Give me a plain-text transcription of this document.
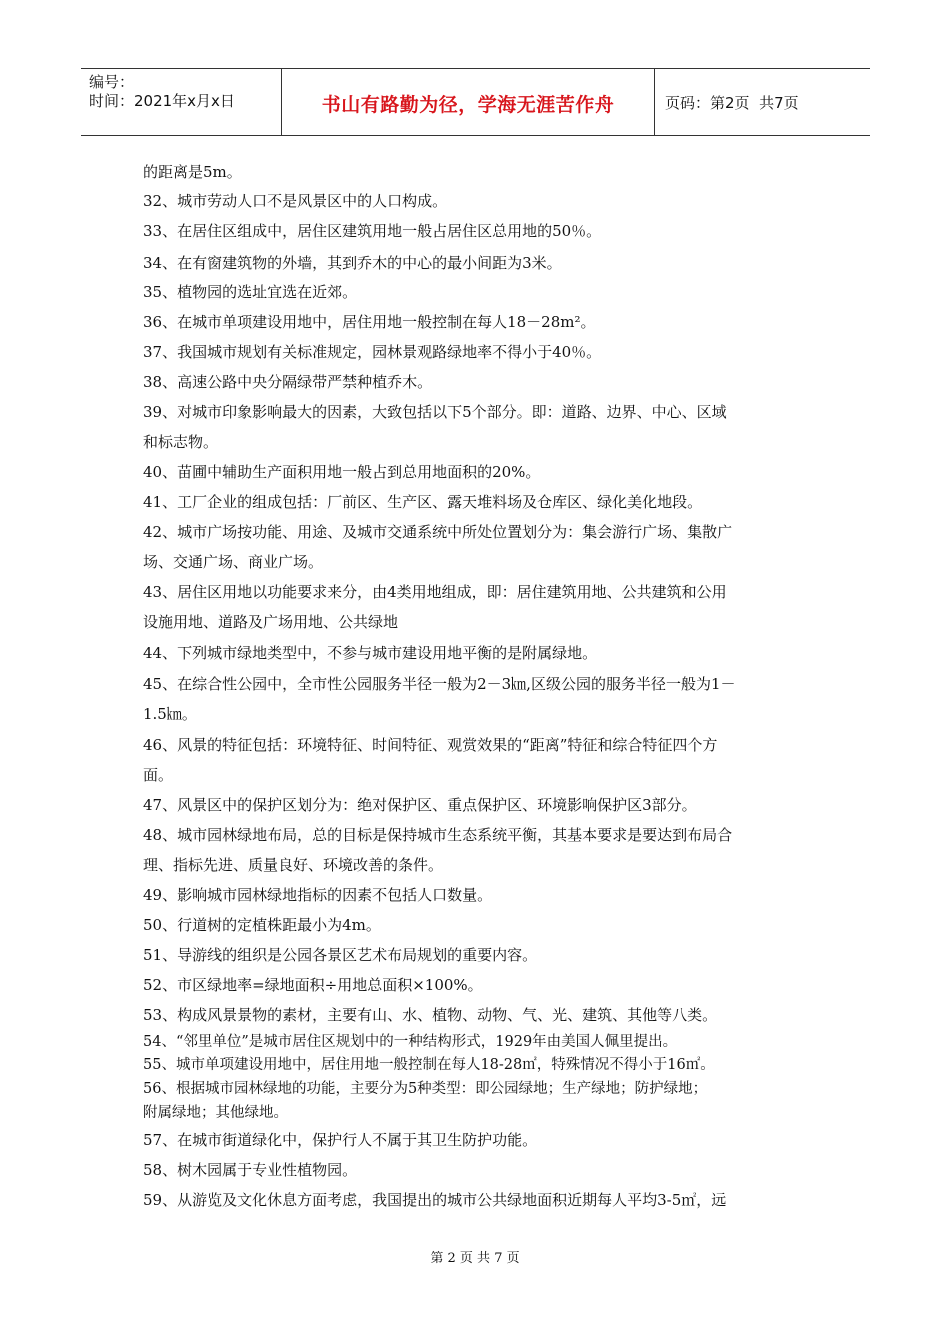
编号：
时间：2021年x月x日	书山有路勤为径，学海无涯苦作舟	页码：第2页  共7页
的距离是5m。
32、城市劳动人口不是风景区中的人口构成。
33、在居住区组成中，居住区建筑用地一般占居住区总用地的50％。
34、在有窗建筑物的外墙，其到乔木的中心的最小间距为3米。
35、植物园的选址宜选在近郊。
36、在城市单项建设用地中，居住用地一般控制在每人18－28m²。
37、我国城市规划有关标准规定，园林景观路绿地率不得小于40％。
38、高速公路中央分隔绿带严禁种植乔木。
39、对城市印象影响最大的因素，大致包括以下5个部分。即：道路、边界、中心、区域
和标志物。
40、苗圃中辅助生产面积用地一般占到总用地面积的20%。
41、工厂企业的组成包括：厂前区、生产区、露天堆料场及仓库区、绿化美化地段。
42、城市广场按功能、用途、及城市交通系统中所处位置划分为：集会游行广场、集散广
场、交通广场、商业广场。
43、居住区用地以功能要求来分，由4类用地组成，即：居住建筑用地、公共建筑和公用
设施用地、道路及广场用地、公共绿地
44、下列城市绿地类型中，不参与城市建设用地平衡的是附属绿地。
45、在综合性公园中，全市性公园服务半径一般为2－3㎞,区级公园的服务半径一般为1－
1.5㎞。
46、风景的特征包括：环境特征、时间特征、观赏效果的“距离”特征和综合特征四个方
面。
47、风景区中的保护区划分为：绝对保护区、重点保护区、环境影响保护区3部分。
48、城市园林绿地布局，总的目标是保持城市生态系统平衡，其基本要求是要达到布局合
理、指标先进、质量良好、环境改善的条件。
49、影响城市园林绿地指标的因素不包括人口数量。
50、行道树的定植株距最小为4m。
51、导游线的组织是公园各景区艺术布局规划的重要内容。
52、市区绿地率=绿地面积÷用地总面积×100%。
53、构成风景景物的素材，主要有山、水、植物、动物、气、光、建筑、其他等八类。
54、“邻里单位”是城市居住区规划中的一种结构形式，1929年由美国人佩里提出。
55、城市单项建设用地中，居住用地一般控制在每人18-28㎡，特殊情况不得小于16㎡。
56、根据城市园林绿地的功能，主要分为5种类型：即公园绿地；生产绿地；防护绿地；
附属绿地；其他绿地。
57、在城市街道绿化中，保护行人不属于其卫生防护功能。
58、树木园属于专业性植物园。
59、从游览及文化休息方面考虑，我国提出的城市公共绿地面积近期每人平均3-5㎡，远
第 2 页 共 7 页
